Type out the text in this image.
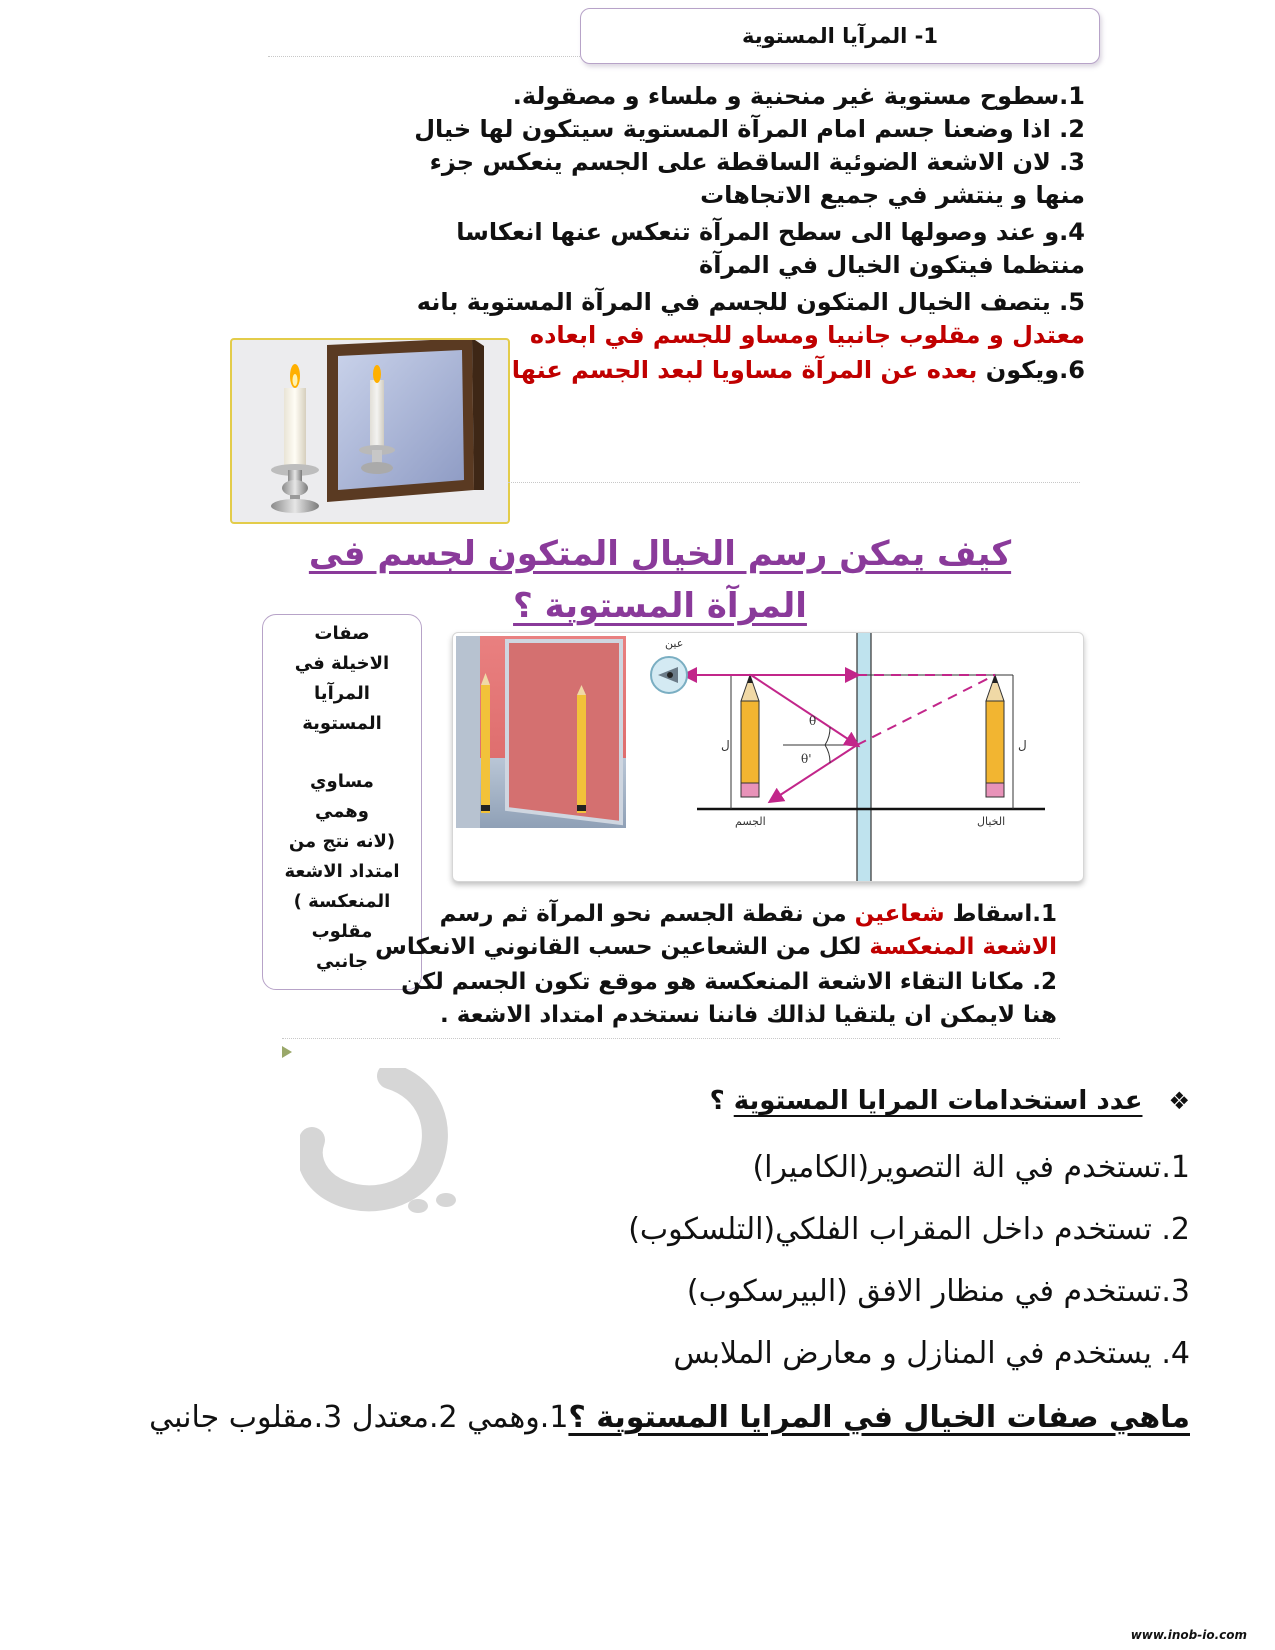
1- المرآيا المستوية
1.سطوح مستوية غير منحنية و ملساء و مصقولة.
2. اذا وضعنا جسم امام المرآة المستوية سيتكون لها خيال
3. لان الاشعة الضوئية الساقطة على الجسم ينعكس جزء
منها و ينتشر في جميع الاتجاهات
4.و عند وصولها الى سطح المرآة تنعكس عنها انعكاسا
منتظما فيتكون الخيال في المرآة
5. يتصف الخيال المتكون للجسم في المرآة المستوية بانه
معتدل و مقلوب جانبيا ومساو للجسم في ابعاده
6.ويكون بعده عن المرآة مساويا لبعد الجسم عنها
كيف يمكن رسم الخيال المتكون لجسم فى المرآة المستوية ؟
صفات
الاخيلة في
المرآيا
المستوية
مساوي
وهمي
(لانه نتج من
امتداد الاشعة
المنعكسة )
مقلوب
جانبي
عين
ل	ل
θ
θ'
الجسم	الخيال
1.اسقاط شعاعين من نقطة الجسم نحو المرآة ثم رسم
الاشعة المنعكسة لكل من الشعاعين حسب القانوني الانعكاس
2. مكانا التقاء الاشعة المنعكسة هو موقع تكون الجسم لكن
هنا لايمكن ان يلتقيا لذالك فاننا نستخدم امتداد الاشعة .
❖عدد استخدامات المرايا المستوية ؟
1.تستخدم في الة التصوير(الكاميرا)
2. تستخدم داخل المقراب الفلكي(التلسكوب)
3.تستخدم في منظار الافق (البيرسكوب)
4. يستخدم في المنازل و معارض الملابس
ماهي صفات الخيال في المرايا المستوية ؟1.وهمي 2.معتدل 3.مقلوب جانبي
www.inob-io.com
